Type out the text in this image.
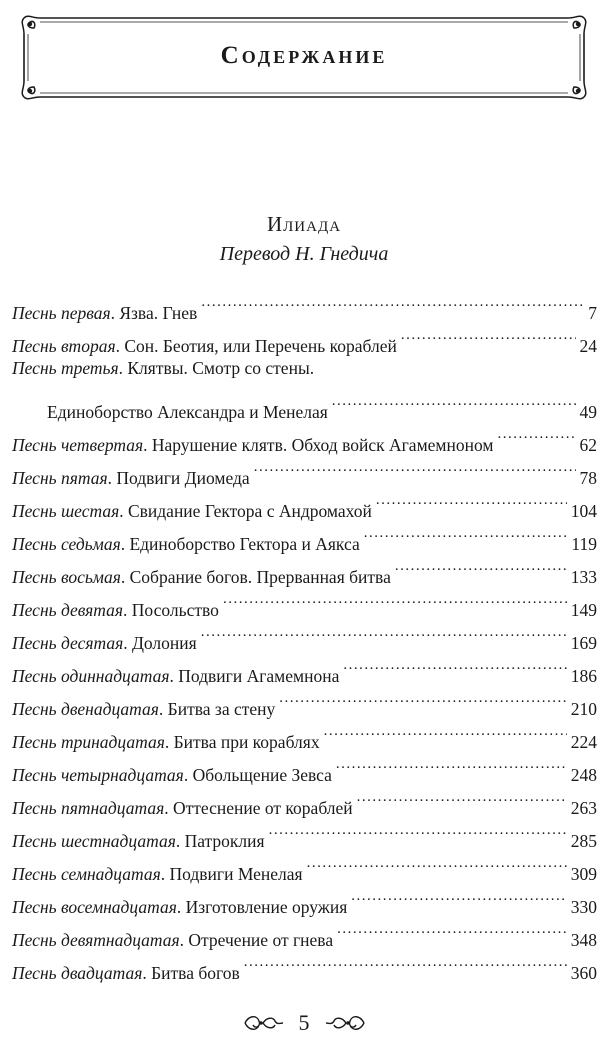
Содержание
Илиада
Перевод Н. Гнедича
Песнь первая . Язва. Гнев .....	7
Песнь вторая . Сон. Беотия, или Перечень кораблей .....	24
Песнь третья . Клятвы. Смотр со стены.
Единоборство Александра и Менелая .....	49
Песнь четвертая . Нарушение клятв. Обход войск Агамемноном .....	62
Песнь пятая . Подвиги Диомеда .....	78
Песнь шестая . Свидание Гектора с Андромахой .....	104
Песнь седьмая . Единоборство Гектора и Аякса .....	119
Песнь восьмая . Собрание богов. Прерванная битва .....	133
Песнь девятая . Посольство .....	149
Песнь десятая . Долония .....	169
Песнь одиннадцатая . Подвиги Агамемнона .....	186
Песнь двенадцатая . Битва за стену .....	210
Песнь тринадцатая . Битва при кораблях .....	224
Песнь четырнадцатая . Обольщение Зевса .....	248
Песнь пятнадцатая . Оттеснение от кораблей .....	263
Песнь шестнадцатая . Патроклия .....	285
Песнь семнадцатая . Подвиги Менелая .....	309
Песнь восемнадцатая . Изготовление оружия .....	330
Песнь девятнадцатая . Отречение от гнева .....	348
Песнь двадцатая . Битва богов .....	360
5
